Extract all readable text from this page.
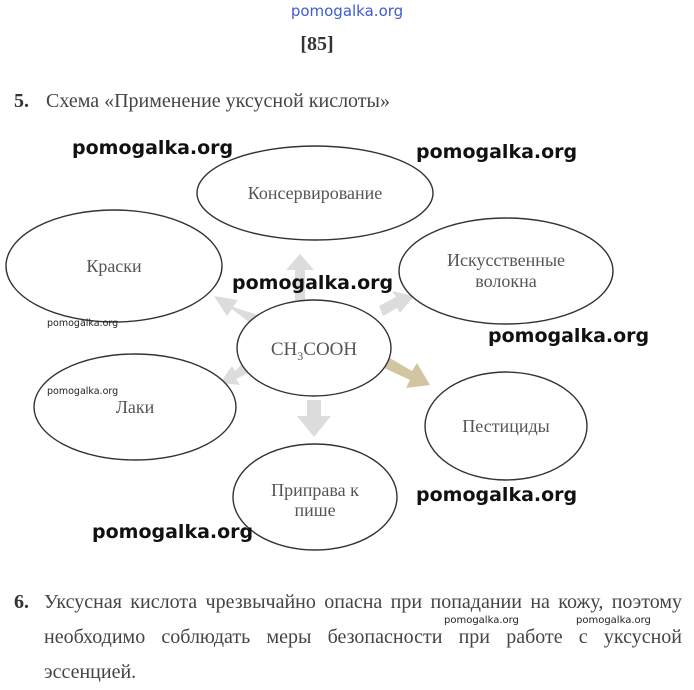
pomogalka.org
[85]
5. Схема «Применение уксусной кислоты»
Консервирование
Краски	Искусственные
волокна
$CH_3COOH$
Лаки
Пестициды
Приправа к
пише
pomogalka.org	pomogalka.org
pomogalka.org
pomogalka.org
pomogalka.org
pomogalka.org
pomogalka.org
pomogalka.org
6. Уксусная кислота чрезвычайно опасна при попадании на кожу, поэтому необходимо соблюдать меры безопасности при работе с уксусной эссенцией.
pomogalka.org	pomogalka.org
